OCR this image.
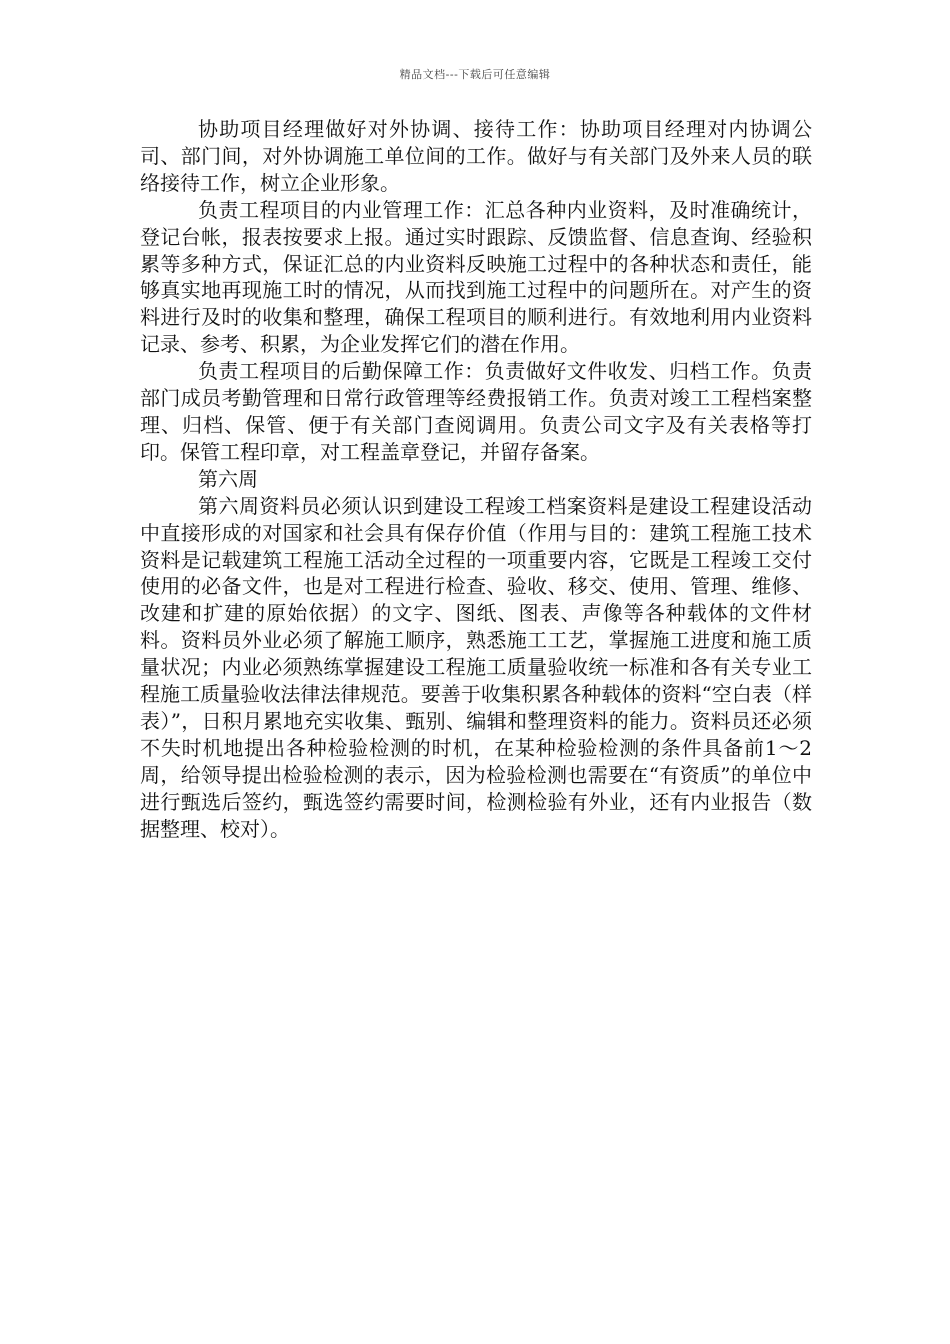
精品文档---下载后可任意编辑

协助项目经理做好对外协调、接待工作：协助项目经理对内协调公司、部门间，对外协调施工单位间的工作。做好与有关部门及外来人员的联络接待工作，树立企业形象。

负责工程项目的内业管理工作：汇总各种内业资料，及时准确统计，登记台帐，报表按要求上报。通过实时跟踪、反馈监督、信息查询、经验积累等多种方式，保证汇总的内业资料反映施工过程中的各种状态和责任，能够真实地再现施工时的情况，从而找到施工过程中的问题所在。对产生的资料进行及时的收集和整理，确保工程项目的顺利进行。有效地利用内业资料记录、参考、积累，为企业发挥它们的潜在作用。

负责工程项目的后勤保障工作：负责做好文件收发、归档工作。负责部门成员考勤管理和日常行政管理等经费报销工作。负责对竣工工程档案整理、归档、保管、便于有关部门查阅调用。负责公司文字及有关表格等打印。保管工程印章，对工程盖章登记，并留存备案。

第六周

第六周资料员必须认识到建设工程竣工档案资料是建设工程建设活动中直接形成的对国家和社会具有保存价值（作用与目的：建筑工程施工技术资料是记载建筑工程施工活动全过程的一项重要内容，它既是工程竣工交付使用的必备文件，也是对工程进行检查、验收、移交、使用、管理、维修、改建和扩建的原始依据）的文字、图纸、图表、声像等各种载体的文件材料。资料员外业必须了解施工顺序，熟悉施工工艺，掌握施工进度和施工质量状况；内业必须熟练掌握建设工程施工质量验收统一标准和各有关专业工程施工质量验收法律法律规范。要善于收集积累各种载体的资料“空白表（样表）”，日积月累地充实收集、甄别、编辑和整理资料的能力。资料员还必须不失时机地提出各种检验检测的时机，在某种检验检测的条件具备前1～2周，给领导提出检验检测的表示，因为检验检测也需要在“有资质”的单位中进行甄选后签约，甄选签约需要时间，检测检验有外业，还有内业报告（数据整理、校对）。
